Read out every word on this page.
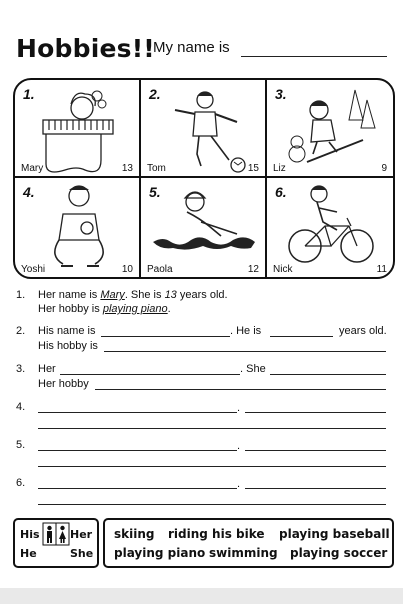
Hobbies!!
My name is
1.
Mary	13
2.
Tom	15
3.
Liz	9
4.
Yoshi	10
5.
Paola	12
6.
Nick	11
1. Her name is Mary. She is 13 years old.
Her hobby is playing piano.
2. His name is	. He is	years old.
His hobby is
3. Her	. She
Her hobby
4.	.
5.	.
6.	.
His	Her
He	She
skiing riding his bike playing baseball
playing piano swimming playing soccer
